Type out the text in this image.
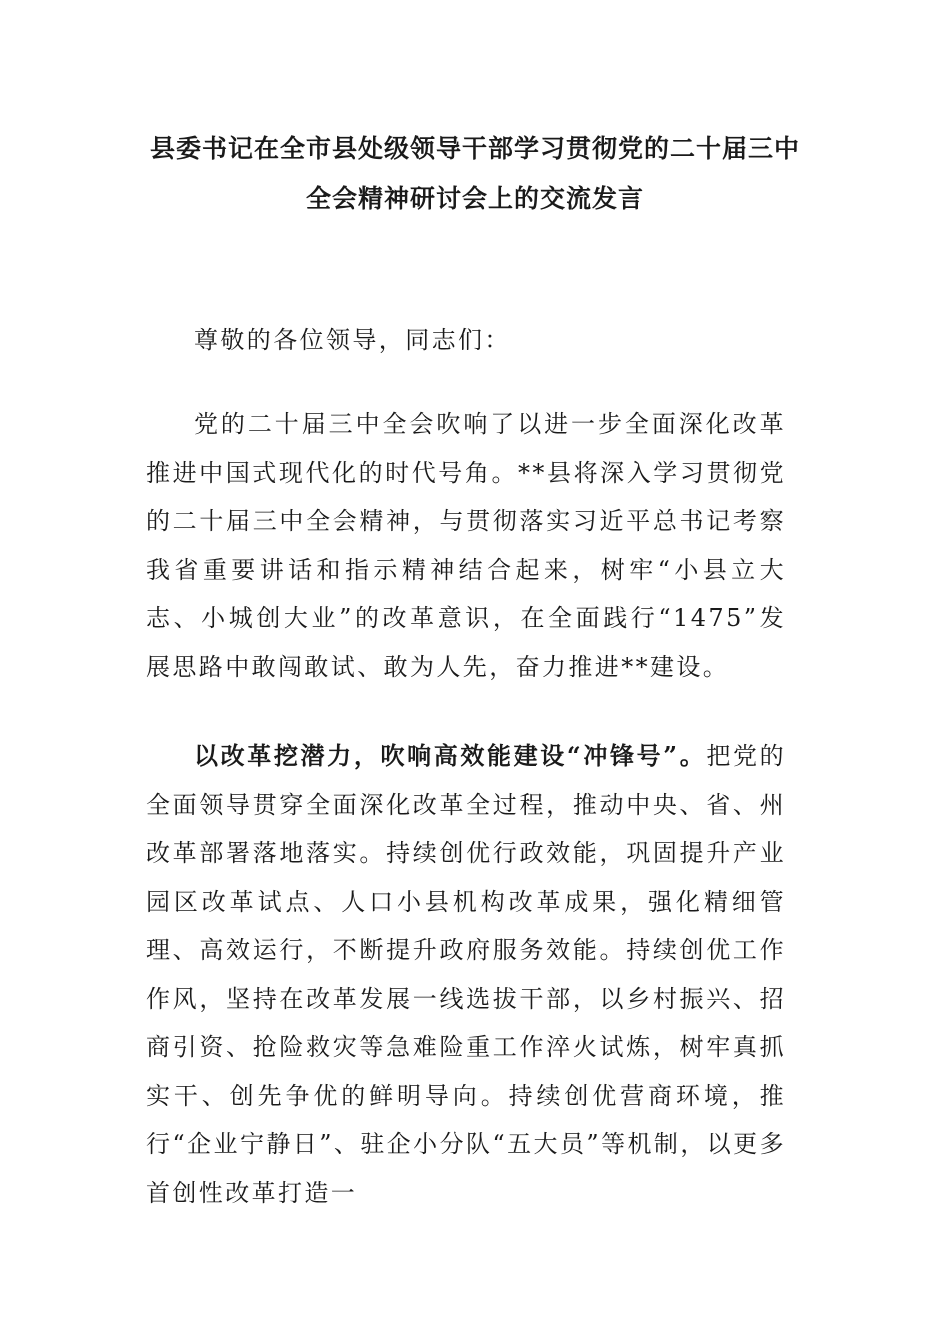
县委书记在全市县处级领导干部学习贯彻党的二十届三中
全会精神研讨会上的交流发言

尊敬的各位领导，同志们：

党的二十届三中全会吹响了以进一步全面深化改革推进中国式现代化的时代号角。**县将深入学习贯彻党的二十届三中全会精神，与贯彻落实习近平总书记考察我省重要讲话和指示精神结合起来，树牢“小县立大志、小城创大业”的改革意识，在全面践行“1475”发展思路中敢闯敢试、敢为人先，奋力推进**建设。

以改革挖潜力，吹响高效能建设“冲锋号”。把党的全面领导贯穿全面深化改革全过程，推动中央、省、州改革部署落地落实。持续创优行政效能，巩固提升产业园区改革试点、人口小县机构改革成果，强化精细管理、高效运行，不断提升政府服务效能。持续创优工作作风，坚持在改革发展一线选拔干部，以乡村振兴、招商引资、抢险救灾等急难险重工作淬火试炼，树牢真抓实干、创先争优的鲜明导向。持续创优营商环境，推行“企业宁静日”、驻企小分队“五大员”等机制，以更多首创性改革打造一
